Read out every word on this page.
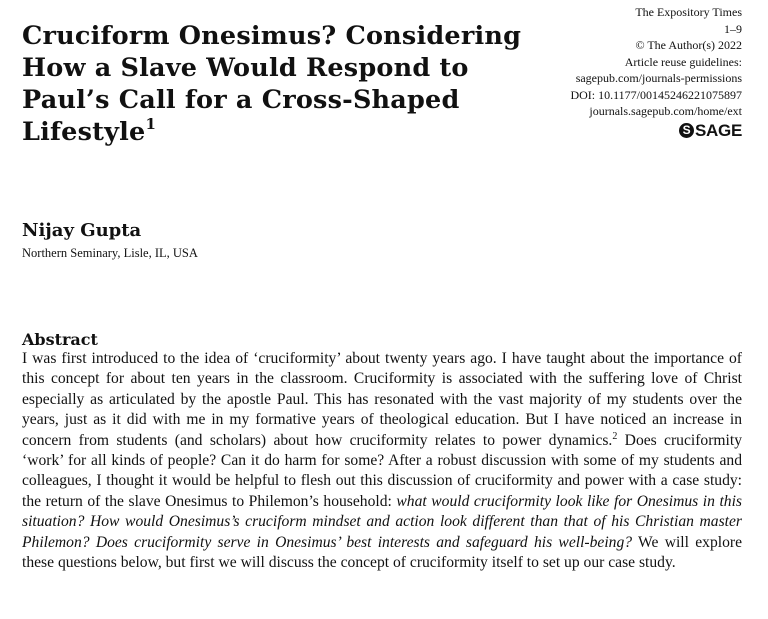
Cruciform Onesimus? Considering How a Slave Would Respond to Paul’s Call for a Cross-Shaped Lifestyle$^1$
The Expository Times
1–9
© The Author(s) 2022
Article reuse guidelines:
sagepub.com/journals-permissions
DOI: 10.1177/00145246221075897
journals.sagepub.com/home/ext
S SAGE
Nijay Gupta
Northern Seminary, Lisle, IL, USA
Abstract
I was first introduced to the idea of ‘cruciformity’ about twenty years ago. I have taught about the importance of this concept for about ten years in the classroom. Cruciformity is associated with the suffering love of Christ especially as articulated by the apostle Paul. This has resonated with the vast majority of my students over the years, just as it did with me in my formative years of theological education. But I have noticed an increase in concern from students (and scholars) about how cruciformity relates to power dynamics.$^2$ Does cruciformity ‘work’ for all kinds of people? Can it do harm for some? After a robust discussion with some of my students and colleagues, I thought it would be helpful to flesh out this discussion of cruciformity and power with a case study: the return of the slave Onesimus to Philemon’s household: what would cruciformity look like for Onesimus in this situation? How would Onesimus’s cruciform mindset and action look different than that of his Christian master Philemon? Does cruciformity serve in Onesimus’ best interests and safeguard his well-being? We will explore these questions below, but first we will discuss the concept of cruciformity itself to set up our case study.
